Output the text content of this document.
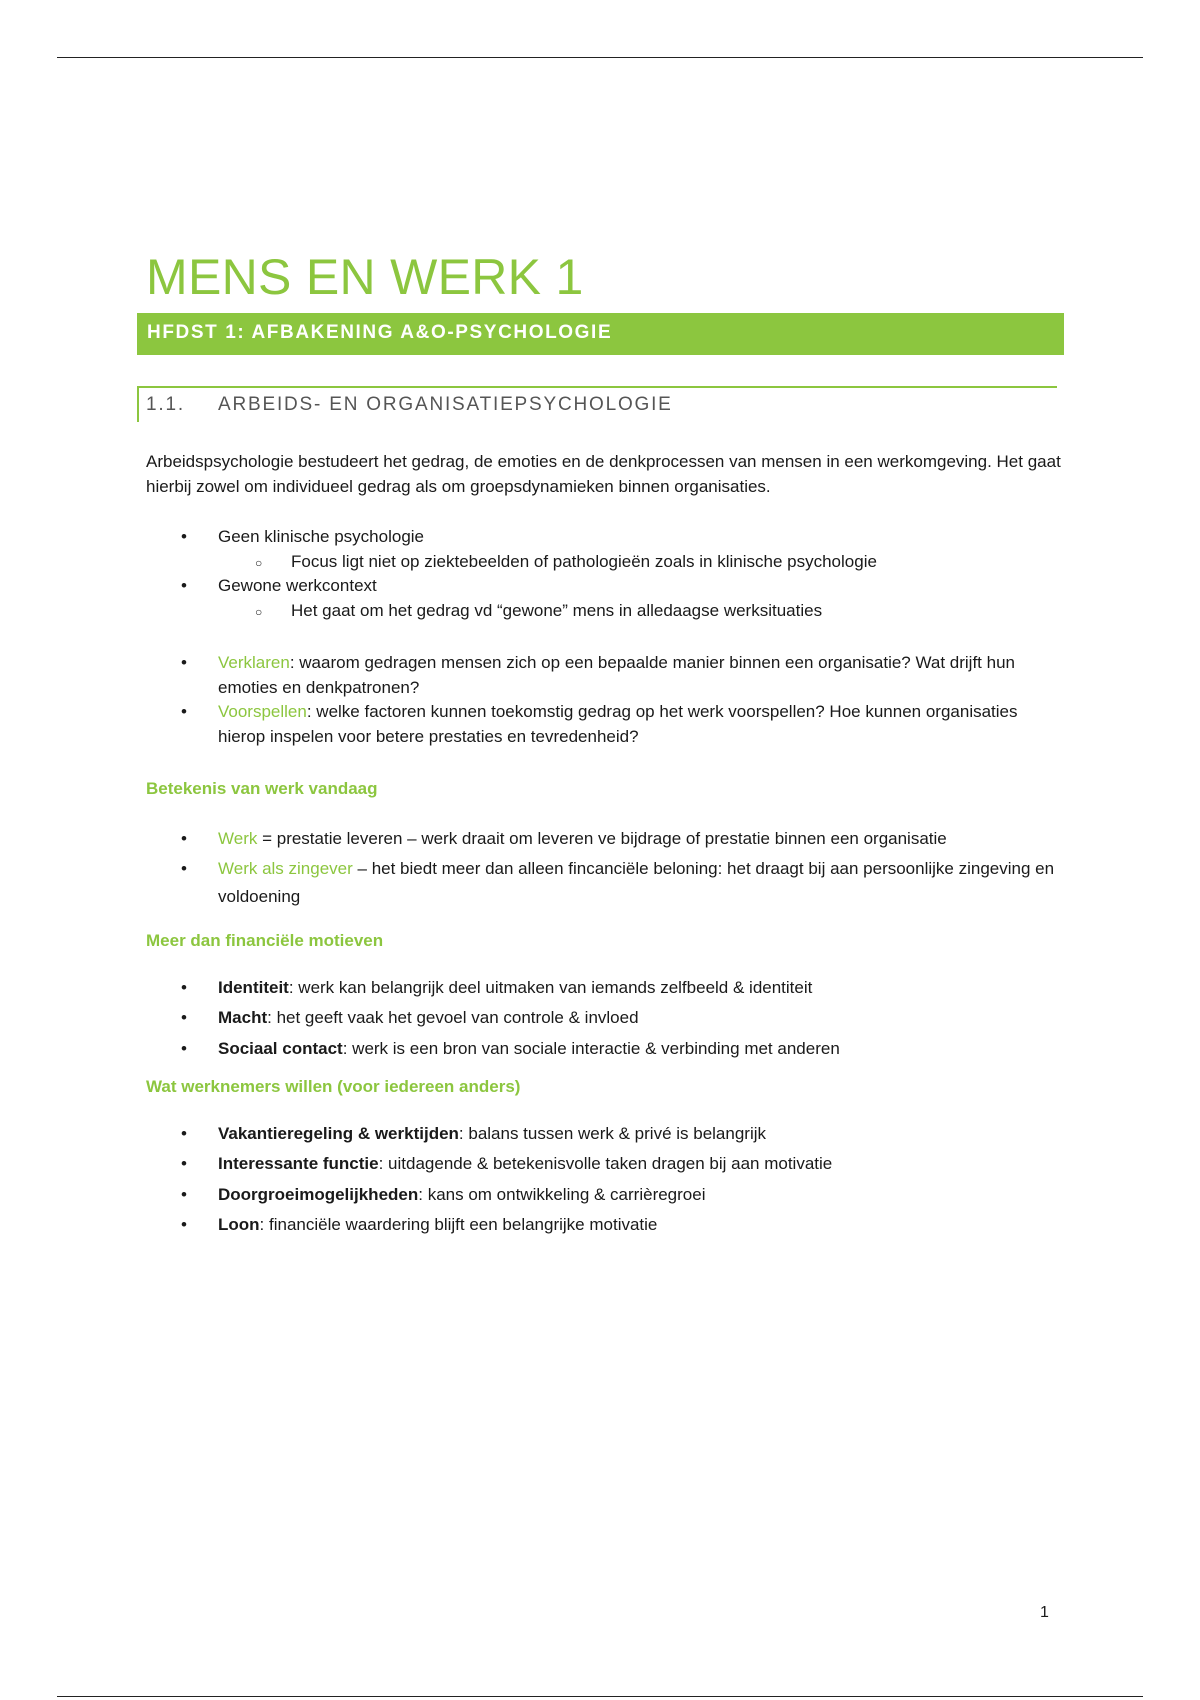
MENS EN WERK 1
HFDST 1: AFBAKENING A&O-PSYCHOLOGIE
1.1. ARBEIDS- EN ORGANISATIEPSYCHOLOGIE

Arbeidspsychologie bestudeert het gedrag, de emoties en de denkprocessen van mensen in een werkomgeving. Het gaat hierbij zowel om individueel gedrag als om groepsdynamieken binnen organisaties.

• Geen klinische psychologie
○ Focus ligt niet op ziektebeelden of pathologieën zoals in klinische psychologie
• Gewone werkcontext
○ Het gaat om het gedrag vd “gewone” mens in alledaagse werksituaties
• Verklaren: waarom gedragen mensen zich op een bepaalde manier binnen een organisatie? Wat drijft hun emoties en denkpatronen?
• Voorspellen: welke factoren kunnen toekomstig gedrag op het werk voorspellen? Hoe kunnen organisaties hierop inspelen voor betere prestaties en tevredenheid?

Betekenis van werk vandaag

• Werk = prestatie leveren – werk draait om leveren ve bijdrage of prestatie binnen een organisatie
• Werk als zingever – het biedt meer dan alleen fincanciële beloning: het draagt bij aan persoonlijke zingeving en voldoening

Meer dan financiële motieven

• Identiteit: werk kan belangrijk deel uitmaken van iemands zelfbeeld & identiteit
• Macht: het geeft vaak het gevoel van controle & invloed
• Sociaal contact: werk is een bron van sociale interactie & verbinding met anderen

Wat werknemers willen (voor iedereen anders)

• Vakantieregeling & werktijden: balans tussen werk & privé is belangrijk
• Interessante functie: uitdagende & betekenisvolle taken dragen bij aan motivatie
• Doorgroeimogelijkheden: kans om ontwikkeling & carrièregroei
• Loon: financiële waardering blijft een belangrijke motivatie
1
